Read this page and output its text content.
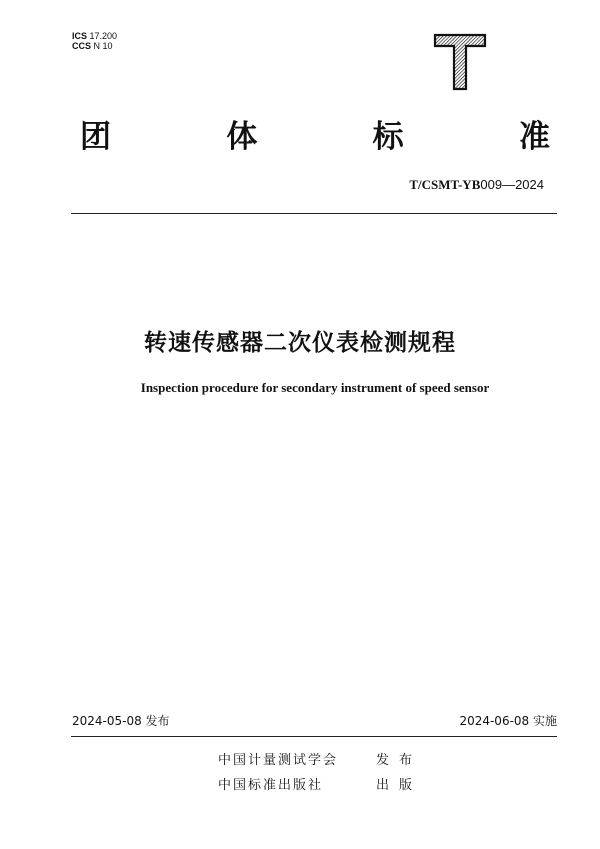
ICS 17.200
CCS N 10
团	体	标	准
T/CSMT-YB009—2024
转速传感器二次仪表检测规程
Inspection procedure for secondary instrument of speed sensor
2024-05-08 发布	2024-06-08 实施
中国计量测试学会	发布
中国标准出版社	出版
